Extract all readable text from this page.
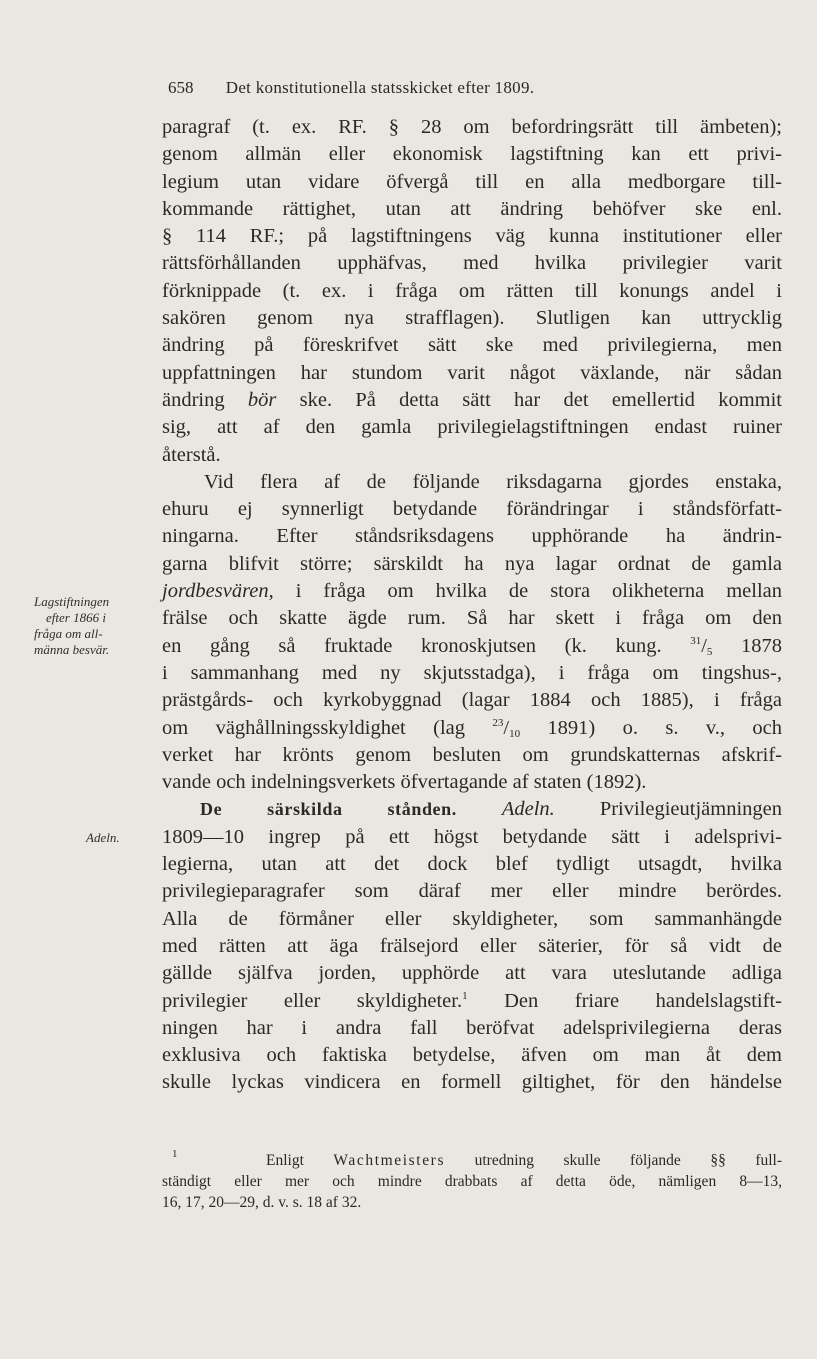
658 Det konstitutionella statsskicket efter 1809.
Lagstiftningen
efter 1866 i
fråga om all-
männa besvär.
Adeln.
paragraf (t. ex. RF. § 28 om befordringsrätt till ämbeten);
genom allmän eller ekonomisk lagstiftning kan ett privi-
legium utan vidare öfvergå till en alla medborgare till-
kommande rättighet, utan att ändring behöfver ske enl.
§ 114 RF.; på lagstiftningens väg kunna institutioner eller
rättsförhållanden upphäfvas, med hvilka privilegier varit
förknippade (t. ex. i fråga om rätten till konungs andel i
sakören genom nya strafflagen). Slutligen kan uttrycklig
ändring på föreskrifvet sätt ske med privilegierna, men
uppfattningen har stundom varit något växlande, när sådan
ändring bör ske. På detta sätt har det emellertid kommit
sig, att af den gamla privilegielagstiftningen endast ruiner
återstå.
Vid flera af de följande riksdagarna gjordes enstaka,
ehuru ej synnerligt betydande förändringar i ståndsförfatt-
ningarna. Efter ståndsriksdagens upphörande ha ändrin-
garna blifvit större; särskildt ha nya lagar ordnat de gamla
jordbesvären, i fråga om hvilka de stora olikheterna mellan
frälse och skatte ägde rum. Så har skett i fråga om den
en gång så fruktade kronoskjutsen (k. kung. $^{31}/_5$ 1878
i sammanhang med ny skjutsstadga), i fråga om tingshus-,
prästgårds- och kyrkobyggnad (lagar 1884 och 1885), i fråga
om väghållningsskyldighet (lag $^{23}/_{10}$ 1891) o. s. v., och
verket har krönts genom besluten om grundskatternas afskrif-
vande och indelningsverkets öfvertagande af staten (1892).
De särskilda stånden. Adeln. Privilegieutjämningen
1809—10 ingrep på ett högst betydande sätt i adelsprivi-
legierna, utan att det dock blef tydligt utsagdt, hvilka
privilegieparagrafer som däraf mer eller mindre berördes.
Alla de förmåner eller skyldigheter, som sammanhängde
med rätten att äga frälsejord eller säterier, för så vidt de
gällde själfva jorden, upphörde att vara uteslutande adliga
privilegier eller skyldigheter.$^1$ Den friare handelslagstift-
ningen har i andra fall beröfvat adelsprivilegierna deras
exklusiva och faktiska betydelse, äfven om man åt dem
skulle lyckas vindicera en formell giltighet, för den händelse
$^1$	Enligt Wachtmeisters utredning skulle följande §§ full-
ständigt eller mer och mindre drabbats af detta öde, nämligen 8—13,
16, 17, 20—29, d. v. s. 18 af 32.
